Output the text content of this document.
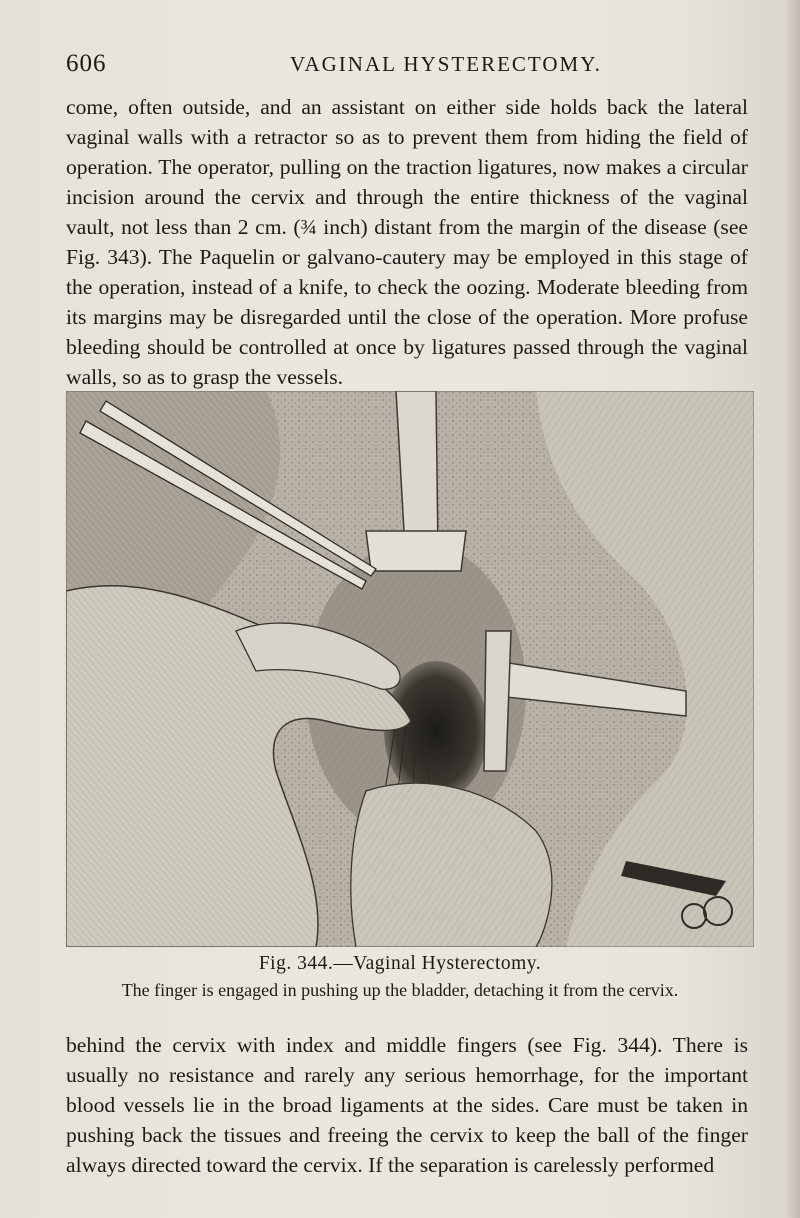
606	VAGINAL HYSTERECTOMY.

come, often outside, and an assistant on either side holds back the lateral vaginal walls with a retractor so as to prevent them from hiding the field of operation. The operator, pulling on the traction ligatures, now makes a circular incision around the cervix and through the entire thickness of the vaginal vault, not less than 2 cm. (¾ inch) distant from the margin of the disease (see Fig. 343). The Paquelin or galvano-cautery may be employed in this stage of the operation, instead of a knife, to check the oozing. Moderate bleeding from its margins may be disregarded until the close of the operation. More profuse bleeding should be controlled at once by ligatures passed through the vaginal walls, so as to grasp the vessels.

Fig. 344.—Vaginal Hysterectomy.
The finger is engaged in pushing up the bladder, detaching it from the cervix.

behind the cervix with index and middle fingers (see Fig. 344). There is usually no resistance and rarely any serious hemorrhage, for the important blood vessels lie in the broad ligaments at the sides. Care must be taken in pushing back the tissues and freeing the cervix to keep the ball of the finger always directed toward the cervix. If the separation is carelessly performed
